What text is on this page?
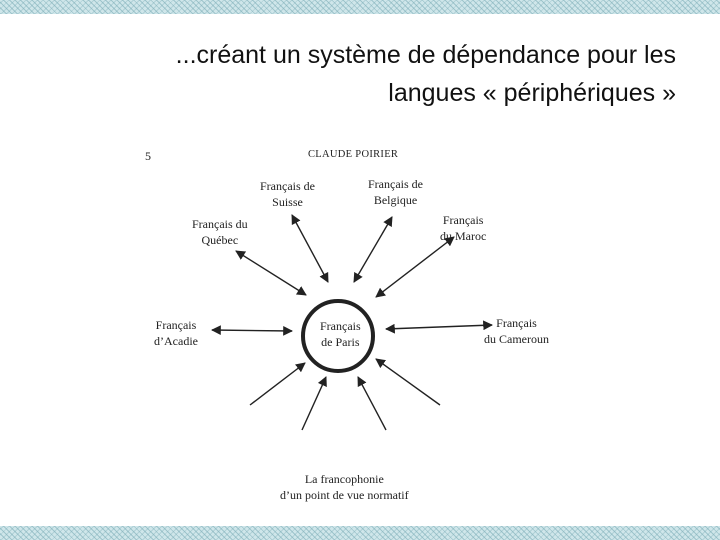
...créant un système de dépendance pour les
langues « périphériques »
5	CLAUDE POIRIER
Français de
Suisse
Français de
Belgique
Français du
Québec
Français
du Maroc
Français
d’Acadie
Français
du Cameroun
Français
de Paris
La francophonie
d’un point de vue normatif
